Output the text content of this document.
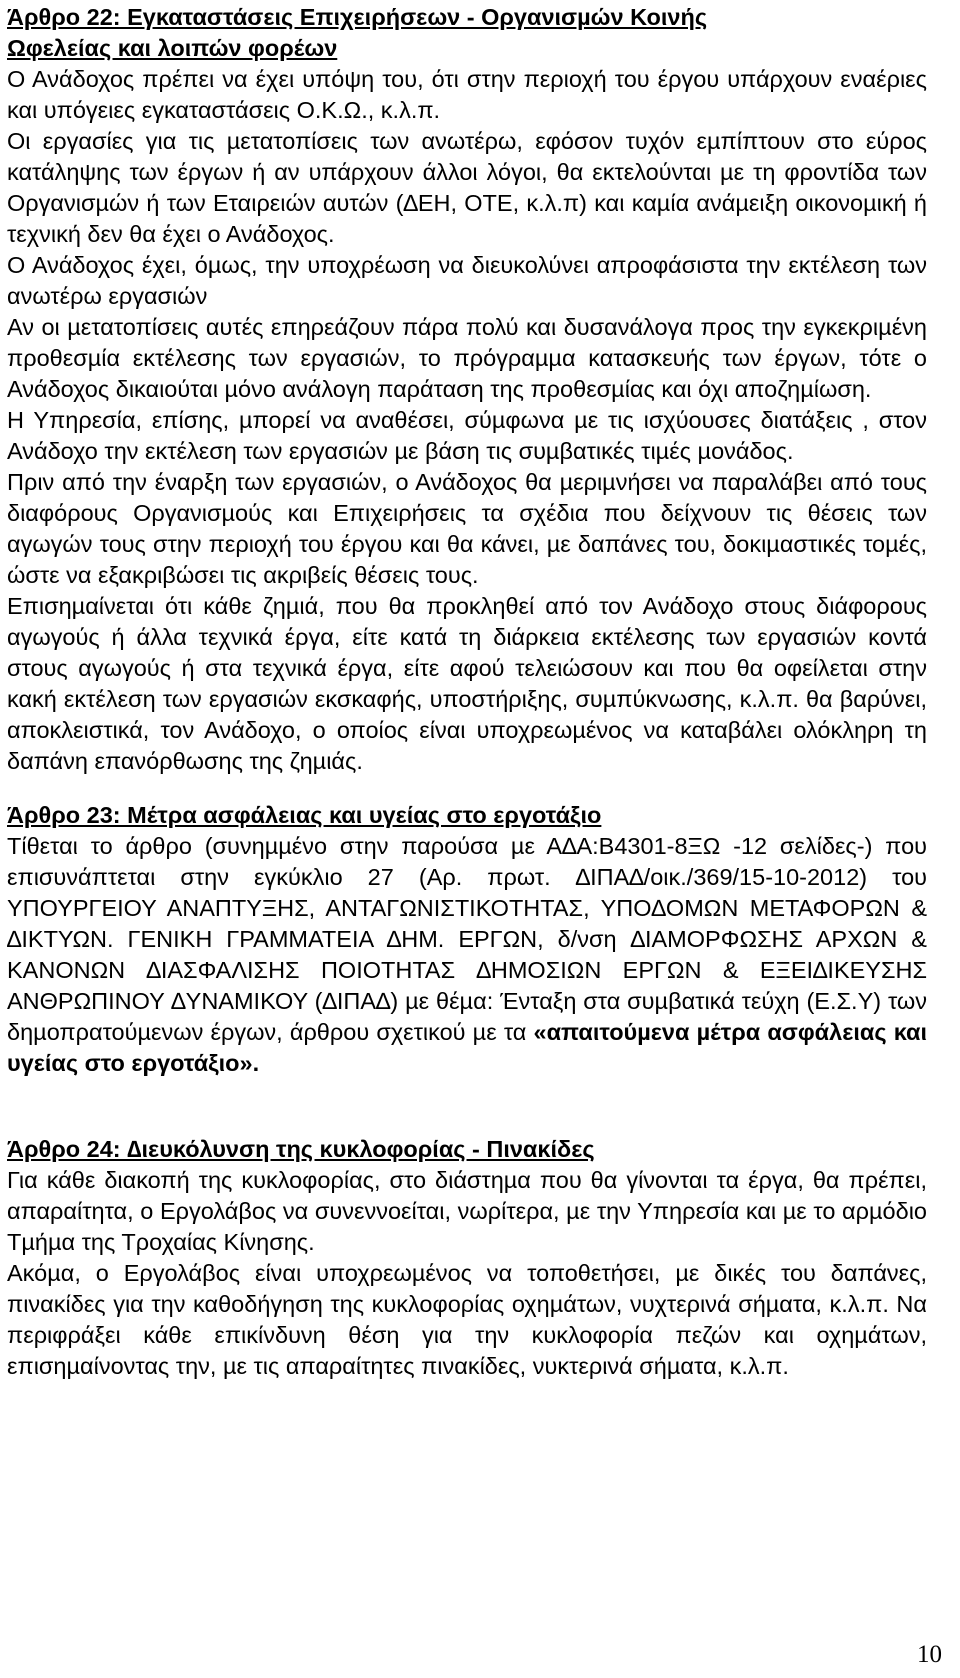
Άρθρο 22: Εγκαταστάσεις Επιχειρήσεων - Οργανισµών Κοινής
Ωφελείας και λοιπών φορέων

Ο Ανάδοχος πρέπει να έχει υπόψη του, ότι στην περιοχή του έργου υπάρχουν εναέριες και υπόγειες εγκαταστάσεις Ο.Κ.Ω., κ.λ.π.

Οι εργασίες για τις µετατοπίσεις των ανωτέρω, εφόσον τυχόν εµπίπτουν στο εύρος κατάληψης των έργων ή αν υπάρχουν άλλοι λόγοι, θα εκτελούνται µε τη φροντίδα των Οργανισµών ή των Εταιρειών αυτών (∆ΕΗ, ΟΤΕ, κ.λ.π) και καµία ανάµειξη οικονοµική ή τεχνική δεν θα έχει ο Ανάδοχος.

Ο Ανάδοχος έχει, όµως, την υποχρέωση να διευκολύνει απροφάσιστα την εκτέλεση των ανωτέρω εργασιών

Αν οι µετατοπίσεις αυτές επηρεάζουν πάρα πολύ και δυσανάλογα προς την εγκεκριµένη προθεσµία εκτέλεσης των εργασιών, το πρόγραµµα κατασκευής των έργων, τότε ο Ανάδοχος δικαιούται µόνο ανάλογη παράταση της προθεσµίας και όχι αποζηµίωση.

Η Υπηρεσία, επίσης, µπορεί να αναθέσει, σύµφωνα µε τις ισχύουσες διατάξεις , στον Ανάδοχο την εκτέλεση των εργασιών µε βάση τις συµβατικές τιµές µονάδος.

Πριν από την έναρξη των εργασιών, ο Ανάδοχος θα µεριµνήσει να παραλάβει από τους διαφόρους Οργανισµούς και Επιχειρήσεις τα σχέδια που δείχνουν τις θέσεις των αγωγών τους στην περιοχή του έργου και θα κάνει, µε δαπάνες του, δοκιµαστικές τοµές, ώστε να εξακριβώσει τις ακριβείς θέσεις τους.

Επισηµαίνεται ότι κάθε ζηµιά, που θα προκληθεί από τον Ανάδοχο στους διάφορους αγωγούς ή άλλα τεχνικά έργα, είτε κατά τη διάρκεια εκτέλεσης των εργασιών κοντά στους αγωγούς ή στα τεχνικά έργα, είτε αφού τελειώσουν και που θα οφείλεται στην κακή εκτέλεση των εργασιών εκσκαφής, υποστήριξης, συµπύκνωσης, κ.λ.π. θα βαρύνει, αποκλειστικά, τον Ανάδοχο, ο οποίος είναι υποχρεωµένος να καταβάλει ολόκληρη τη δαπάνη επανόρθωσης της ζηµιάς.

Άρθρο 23: Μέτρα ασφάλειας και υγείας στο εργοτάξιο

Τίθεται το άρθρο (συνηµµένο στην παρούσα µε Α∆Α:Β4301-8ΞΩ -12 σελίδες-) που επισυνάπτεται στην εγκύκλιο 27 (Αρ. πρωτ. ∆ΙΠΑ∆/οικ./369/15-10-2012) του ΥΠΟΥΡΓΕΙΟΥ ΑΝΑΠΤΥΞΗΣ, ΑΝΤΑΓΩΝΙΣΤΙΚΟΤΗΤΑΣ, ΥΠΟ∆ΟΜΩΝ ΜΕΤΑΦΟΡΩΝ & ∆ΙΚΤΥΩΝ. ΓΕΝΙΚΗ ΓΡΑΜΜΑΤΕΙΑ ∆ΗΜ. ΕΡΓΩΝ, δ/νση ∆ΙΑΜΟΡΦΩΣΗΣ ΑΡΧΩΝ & ΚΑΝΟΝΩΝ ∆ΙΑΣΦΑΛΙΣΗΣ ΠΟΙΟΤΗΤΑΣ ∆ΗΜΟΣΙΩΝ ΕΡΓΩΝ & ΕΞΕΙ∆ΙΚΕΥΣΗΣ ΑΝΘΡΩΠΙΝΟΥ ∆ΥΝΑΜΙΚΟΥ (∆ΙΠΑ∆) µε θέµα: Ένταξη στα συµβατικά τεύχη (Ε.Σ.Υ) των δηµοπρατούµενων έργων, άρθρου σχετικού µε τα «απαιτούµενα µέτρα ασφάλειας και υγείας στο εργοτάξιο».

Άρθρο 24: ∆ιευκόλυνση της κυκλοφορίας - Πινακίδες

Για κάθε διακοπή της κυκλοφορίας, στο διάστηµα που θα γίνονται τα έργα, θα πρέπει, απαραίτητα, ο Εργολάβος να συνεννοείται, νωρίτερα, µε την Υπηρεσία και µε το αρµόδιο Τµήµα της Τροχαίας Κίνησης.

Ακόµα, ο Εργολάβος είναι υποχρεωµένος να τοποθετήσει, µε δικές του δαπάνες, πινακίδες για την καθοδήγηση της κυκλοφορίας οχηµάτων, νυχτερινά σήµατα, κ.λ.π. Να περιφράξει κάθε επικίνδυνη θέση για την κυκλοφορία πεζών και οχηµάτων, επισηµαίνοντας την, µε τις απαραίτητες πινακίδες, νυκτερινά σήµατα, κ.λ.π.

10
